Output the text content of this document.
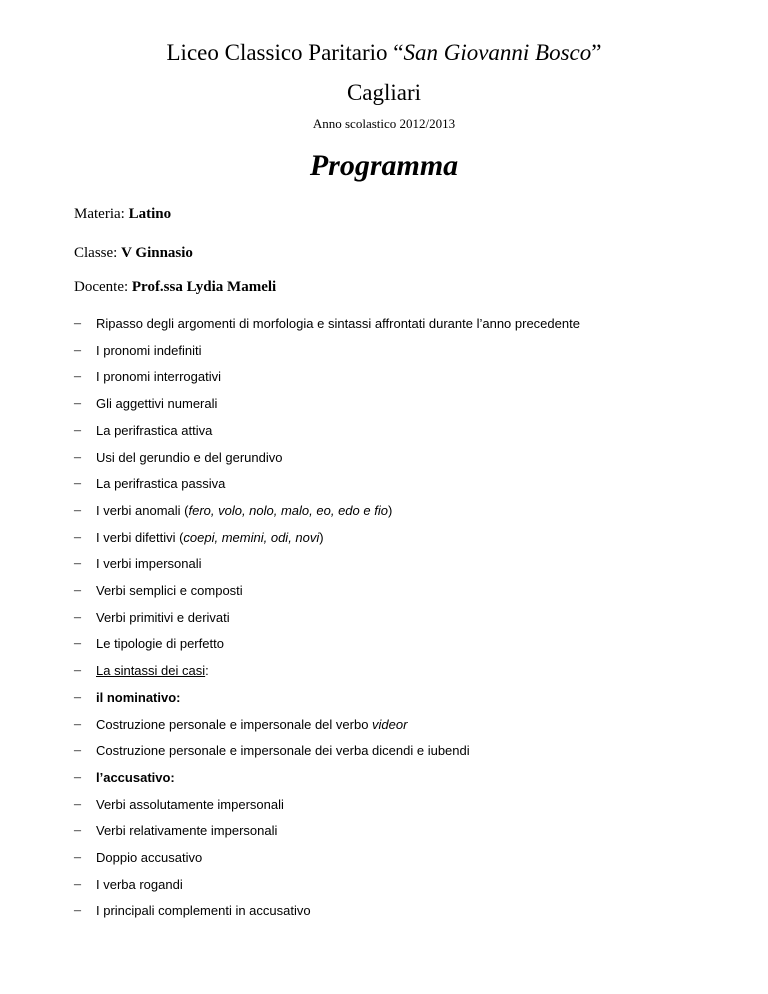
Liceo Classico Paritario “San Giovanni Bosco”
Cagliari
Anno scolastico 2012/2013
Programma
Materia: Latino
Classe: V Ginnasio
Docente: Prof.ssa Lydia Mameli
– Ripasso degli argomenti di morfologia e sintassi affrontati durante l’anno precedente
– I pronomi indefiniti
– I pronomi interrogativi
– Gli aggettivi numerali
– La perifrastica attiva
– Usi del gerundio e del gerundivo
– La perifrastica passiva
– I verbi anomali (fero, volo, nolo, malo, eo, edo e fio)
– I verbi difettivi (coepi, memini, odi, novi)
– I verbi impersonali
– Verbi semplici e composti
– Verbi primitivi e derivati
– Le tipologie di perfetto
– La sintassi dei casi:
– il nominativo:
– Costruzione personale e impersonale del verbo videor
– Costruzione personale e impersonale dei verba dicendi e iubendi
– l’accusativo:
– Verbi assolutamente impersonali
– Verbi relativamente impersonali
– Doppio accusativo
– I verba rogandi
– I principali complementi in accusativo
